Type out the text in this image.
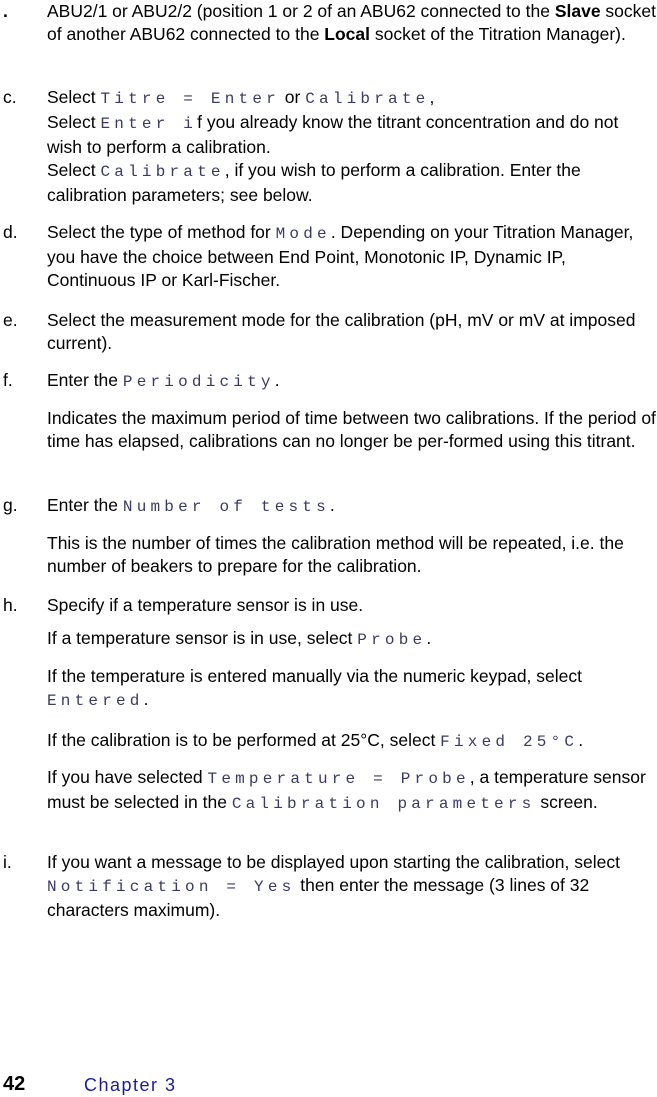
. ABU2/1 or ABU2/2 (position 1 or 2 of an ABU62 connected to the Slave socket of another ABU62 connected to the Local socket of the Titration Manager).
c. Select Titre = Enter or Calibrate,
Select Enter if you already know the titrant concentration and do not wish to perform a calibration.
Select Calibrate, if you wish to perform a calibration. Enter the calibration parameters; see below.
d. Select the type of method for Mode. Depending on your Titration Manager, you have the choice between End Point, Monotonic IP, Dynamic IP, Continuous IP or Karl-Fischer.
e. Select the measurement mode for the calibration (pH, mV or mV at imposed current).
f. Enter the Periodicity.
Indicates the maximum period of time between two calibrations. If the period of time has elapsed, calibrations can no longer be per-formed using this titrant.
g. Enter the Number of tests.
This is the number of times the calibration method will be repeated, i.e. the number of beakers to prepare for the calibration.
h. Specify if a temperature sensor is in use.
If a temperature sensor is in use, select Probe.
If the temperature is entered manually via the numeric keypad, select Entered.
If the calibration is to be performed at 25°C, select Fixed 25°C.
If you have selected Temperature = Probe, a temperature sensor must be selected in the Calibration parameters screen.
i. If you want a message to be displayed upon starting the calibration, select Notification = Yes then enter the message (3 lines of 32 characters maximum).
42	Chapter 3
